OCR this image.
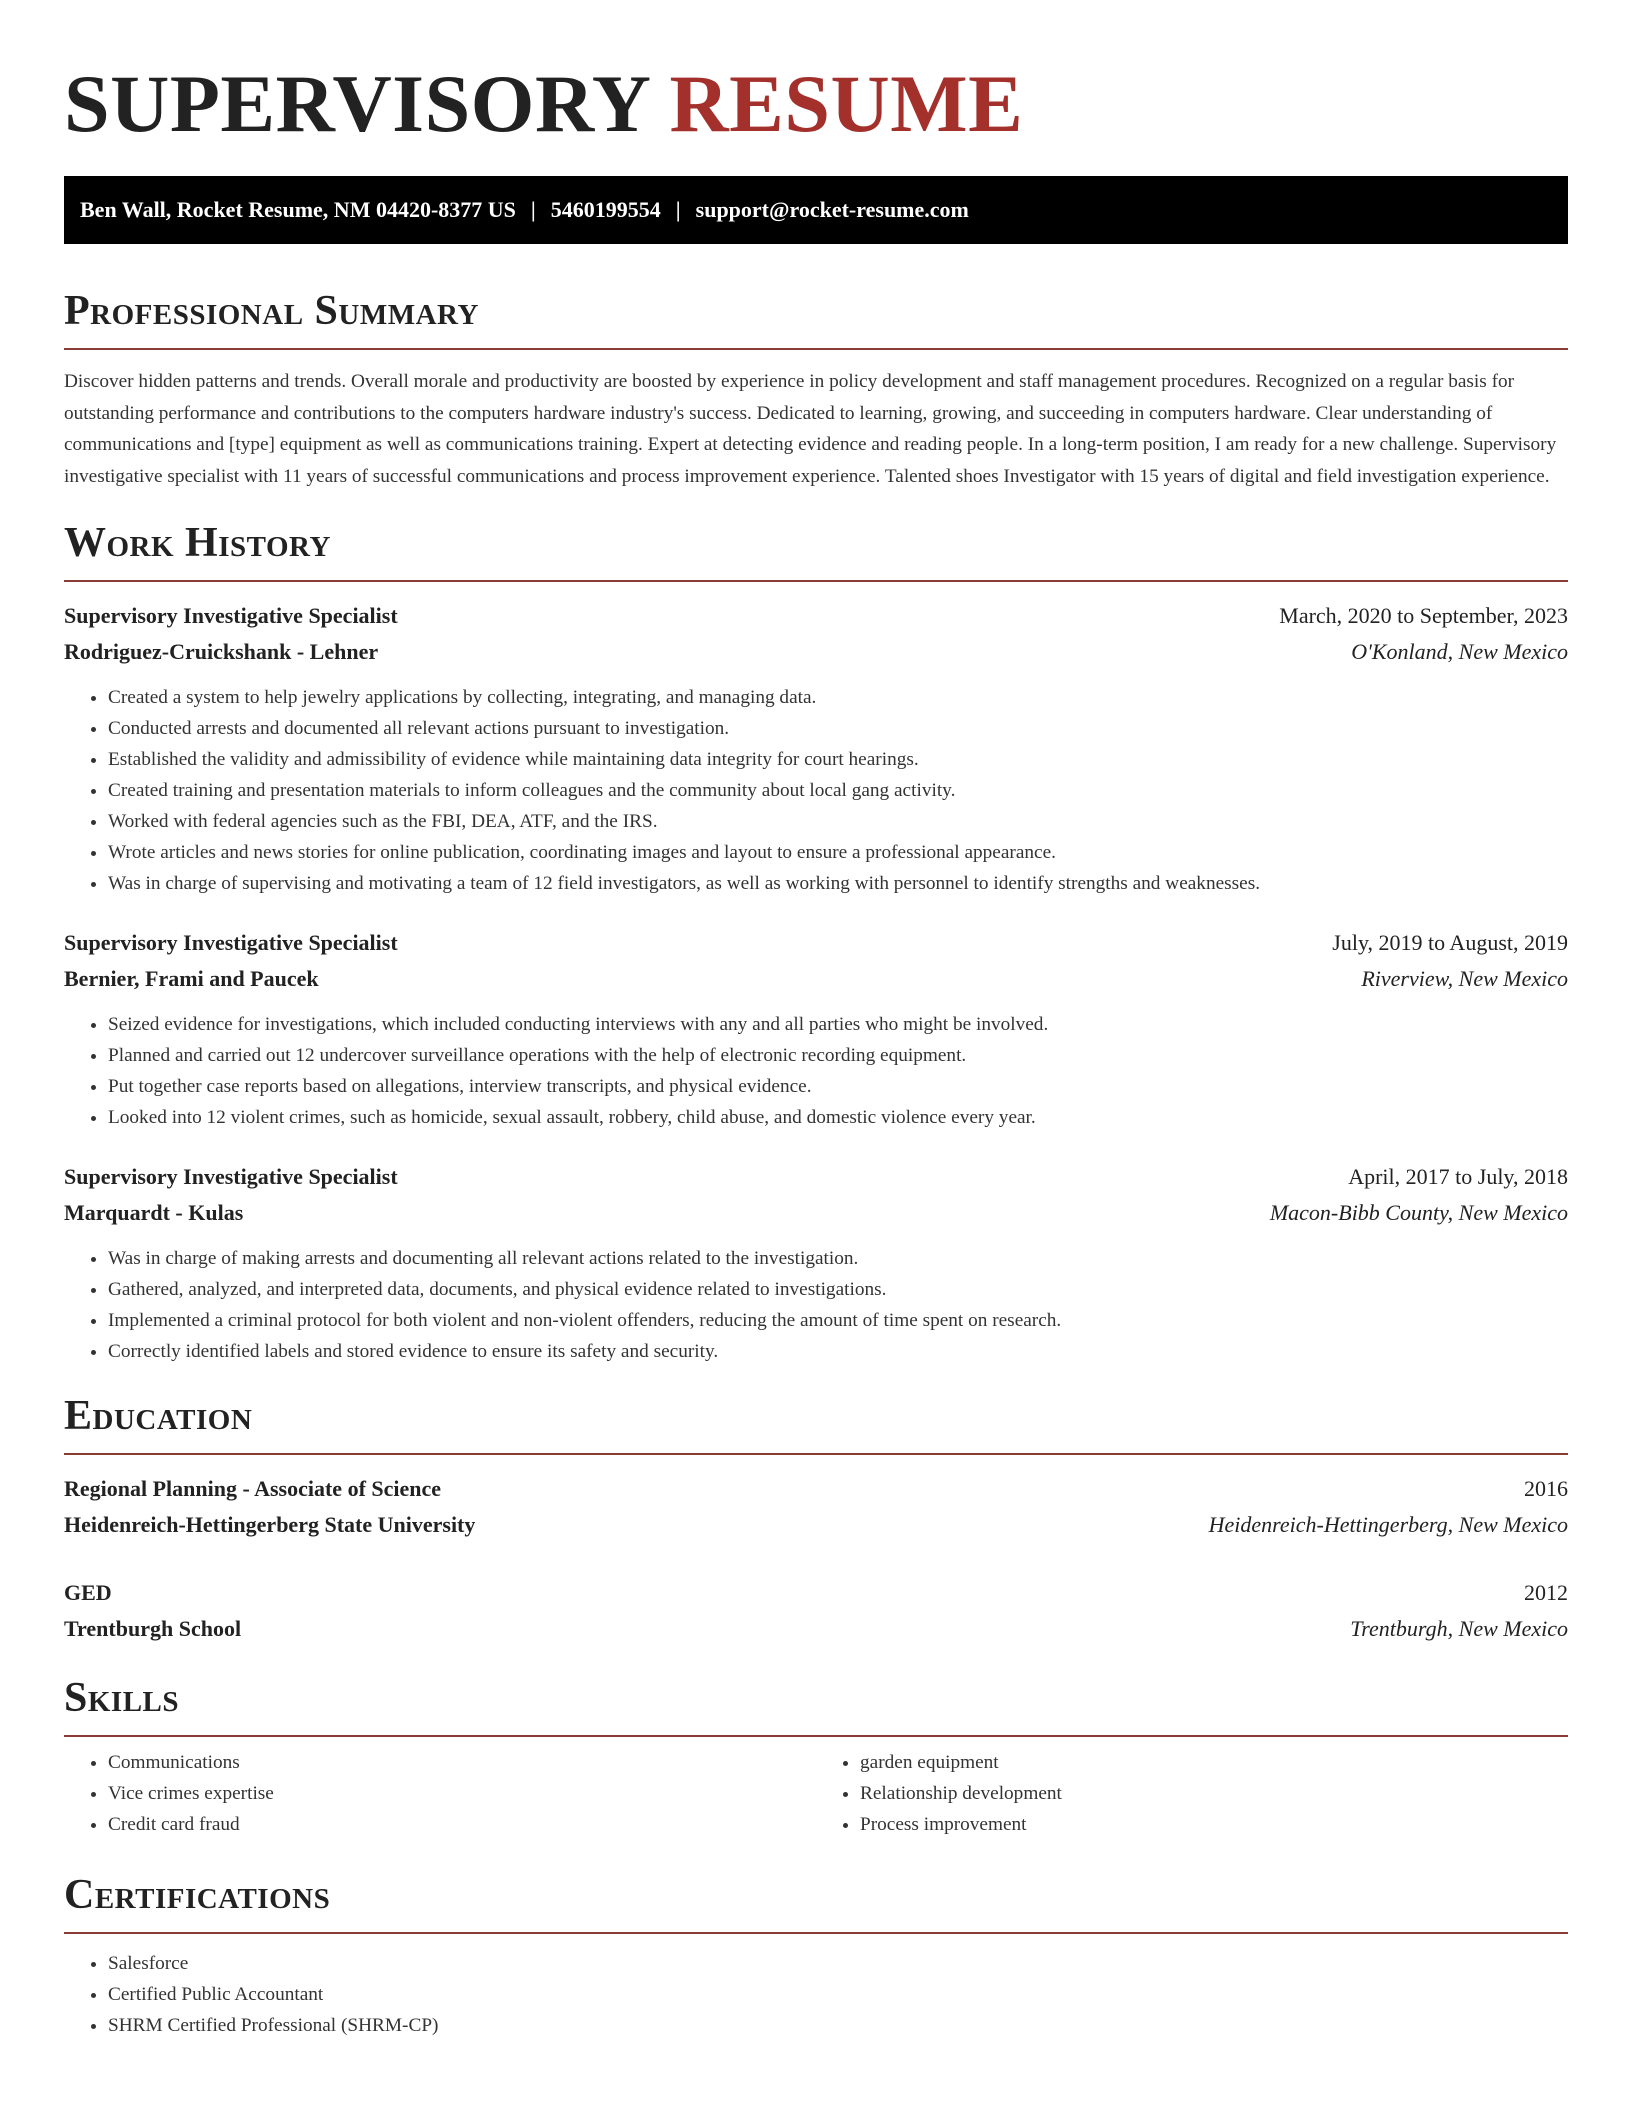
SUPERVISORY RESUME
Ben Wall, Rocket Resume, NM 04420-8377 US | 5460199554 | support@rocket-resume.com
Professional Summary
Discover hidden patterns and trends. Overall morale and productivity are boosted by experience in policy development and staff management procedures. Recognized on a regular basis for outstanding performance and contributions to the computers hardware industry's success. Dedicated to learning, growing, and succeeding in computers hardware. Clear understanding of communications and [type] equipment as well as communications training. Expert at detecting evidence and reading people. In a long-term position, I am ready for a new challenge. Supervisory investigative specialist with 11 years of successful communications and process improvement experience. Talented shoes Investigator with 15 years of digital and field investigation experience.
Work History
Supervisory Investigative Specialist	March, 2020 to September, 2023
Rodriguez-Cruickshank - Lehner	O'Konland, New Mexico
• Created a system to help jewelry applications by collecting, integrating, and managing data.
• Conducted arrests and documented all relevant actions pursuant to investigation.
• Established the validity and admissibility of evidence while maintaining data integrity for court hearings.
• Created training and presentation materials to inform colleagues and the community about local gang activity.
• Worked with federal agencies such as the FBI, DEA, ATF, and the IRS.
• Wrote articles and news stories for online publication, coordinating images and layout to ensure a professional appearance.
• Was in charge of supervising and motivating a team of 12 field investigators, as well as working with personnel to identify strengths and weaknesses.
Supervisory Investigative Specialist	July, 2019 to August, 2019
Bernier, Frami and Paucek	Riverview, New Mexico
• Seized evidence for investigations, which included conducting interviews with any and all parties who might be involved.
• Planned and carried out 12 undercover surveillance operations with the help of electronic recording equipment.
• Put together case reports based on allegations, interview transcripts, and physical evidence.
• Looked into 12 violent crimes, such as homicide, sexual assault, robbery, child abuse, and domestic violence every year.
Supervisory Investigative Specialist	April, 2017 to July, 2018
Marquardt - Kulas	Macon-Bibb County, New Mexico
• Was in charge of making arrests and documenting all relevant actions related to the investigation.
• Gathered, analyzed, and interpreted data, documents, and physical evidence related to investigations.
• Implemented a criminal protocol for both violent and non-violent offenders, reducing the amount of time spent on research.
• Correctly identified labels and stored evidence to ensure its safety and security.
Education
Regional Planning - Associate of Science	2016
Heidenreich-Hettingerberg State University	Heidenreich-Hettingerberg, New Mexico
GED	2012
Trentburgh School	Trentburgh, New Mexico
Skills
• Communications
• Vice crimes expertise
• Credit card fraud
• garden equipment
• Relationship development
• Process improvement
Certifications
• Salesforce
• Certified Public Accountant
• SHRM Certified Professional (SHRM-CP)
